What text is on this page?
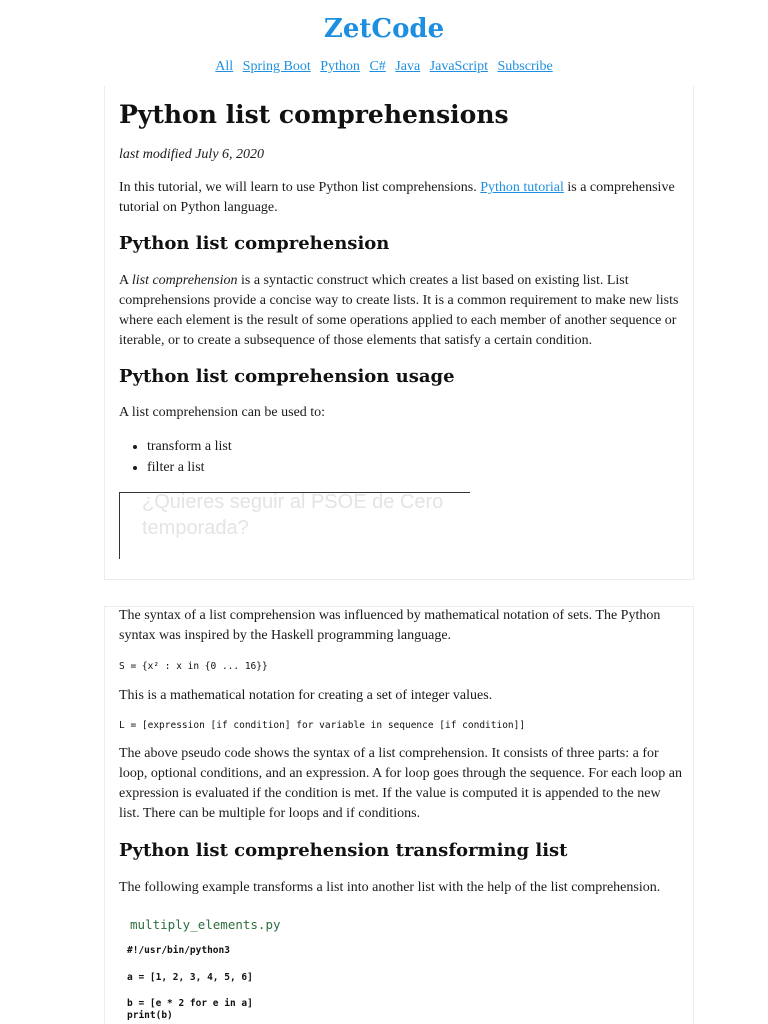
ZetCode
All Spring Boot Python C# Java JavaScript Subscribe
Python list comprehensions

last modified July 6, 2020

In this tutorial, we will learn to use Python list comprehensions. Python tutorial is a comprehensive tutorial on Python language.

Python list comprehension

A list comprehension is a syntactic construct which creates a list based on existing list. List comprehensions provide a concise way to create lists. It is a common requirement to make new lists where each element is the result of some operations applied to each member of another sequence or iterable, or to create a subsequence of those elements that satisfy a certain condition.

Python list comprehension usage

A list comprehension can be used to:

• transform a list
• filter a list
¿Quieres seguir al PSOE de Cero temporada?

The syntax of a list comprehension was influenced by mathematical notation of sets. The Python syntax was inspired by the Haskell programming language.

S = {x² : x in {0 ... 16}}

This is a mathematical notation for creating a set of integer values.

L = [expression [if condition] for variable in sequence [if condition]]

The above pseudo code shows the syntax of a list comprehension. It consists of three parts: a for loop, optional conditions, and an expression. A for loop goes through the sequence. For each loop an expression is evaluated if the condition is met. If the value is computed it is appended to the new list. There can be multiple for loops and if conditions.

Python list comprehension transforming list

The following example transforms a list into another list with the help of the list comprehension.

multiply_elements.py
#!/usr/bin/python3
a = [1, 2, 3, 4, 5, 6]
b = [e * 2 for e in a]
print(b)
